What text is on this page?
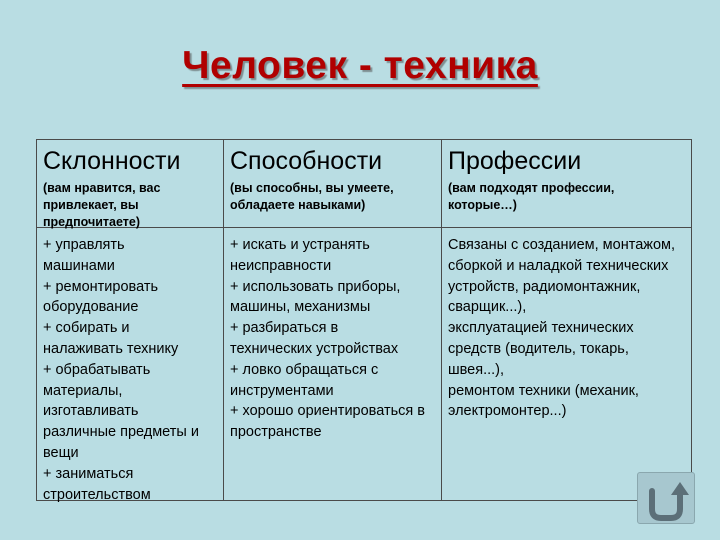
Человек - техника
Склонности	Способности	Профессии
(вам нравится, вас привлекает, вы предпочитаете)
(вы способны, вы умеете, обладаете навыками)
(вам подходят профессии, которые…)

+ управлять машинами

+ ремонтировать оборудование

+ собирать и налаживать технику

+ обрабатывать материалы, изготавливать различные предметы и вещи

+ заниматься строительством

+ искать и устранять неисправности

+ использовать приборы, машины, механизмы

+ разбираться в технических устройствах

+ ловко обращаться с инструментами

+ хорошо ориентироваться в пространстве

Связаны с созданием, монтажом, сборкой и наладкой технических устройств, радиомонтажник, сварщик...),

эксплуатацией технических средств (водитель, токарь, швея...),

ремонтом техники (механик, электромонтер...)
